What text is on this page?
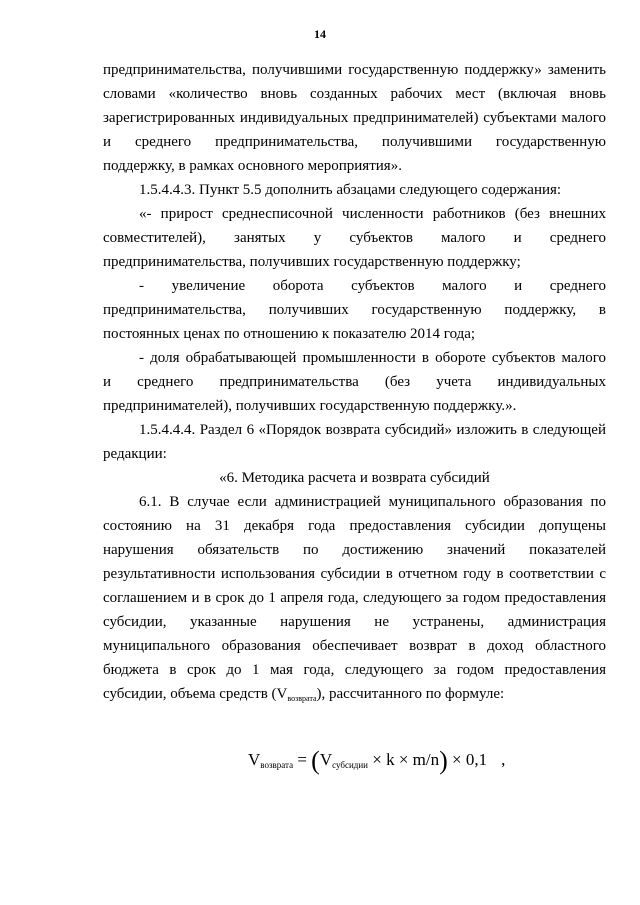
14
предпринимательства, получившими государственную поддержку» заменить
словами «количество вновь созданных рабочих мест (включая вновь
зарегистрированных индивидуальных предпринимателей) субъектами малого
и среднего предпринимательства, получившими государственную
поддержку, в рамках основного мероприятия».
1.5.4.4.3. Пункт 5.5 дополнить абзацами следующего содержания:
«- прирост среднесписочной численности работников (без внешних
совместителей), занятых у субъектов малого и среднего
предпринимательства, получивших государственную поддержку;
- увеличение оборота субъектов малого и среднего
предпринимательства, получивших государственную поддержку, в
постоянных ценах по отношению к показателю 2014 года;
- доля обрабатывающей промышленности в обороте субъектов малого
и среднего предпринимательства (без учета индивидуальных
предпринимателей), получивших государственную поддержку.».
1.5.4.4.4. Раздел 6 «Порядок возврата субсидий» изложить в следующей
редакции:
«6. Методика расчета и возврата субсидий
6.1. В случае если администрацией муниципального образования по
состоянию на 31 декабря года предоставления субсидии допущены
нарушения обязательств по достижению значений показателей
результативности использования субсидии в отчетном году в соответствии с
соглашением и в срок до 1 апреля года, следующего за годом предоставления
субсидии, указанные нарушения не устранены, администрация
муниципального образования обеспечивает возврат в доход областного
бюджета в срок до 1 мая года, следующего за годом предоставления
субсидии, объема средств $(V_{возврата})$, рассчитанного по формуле:
$V_{возврата} = (V_{субсидии} \times k \times m/n) \times 0,1$ ,
